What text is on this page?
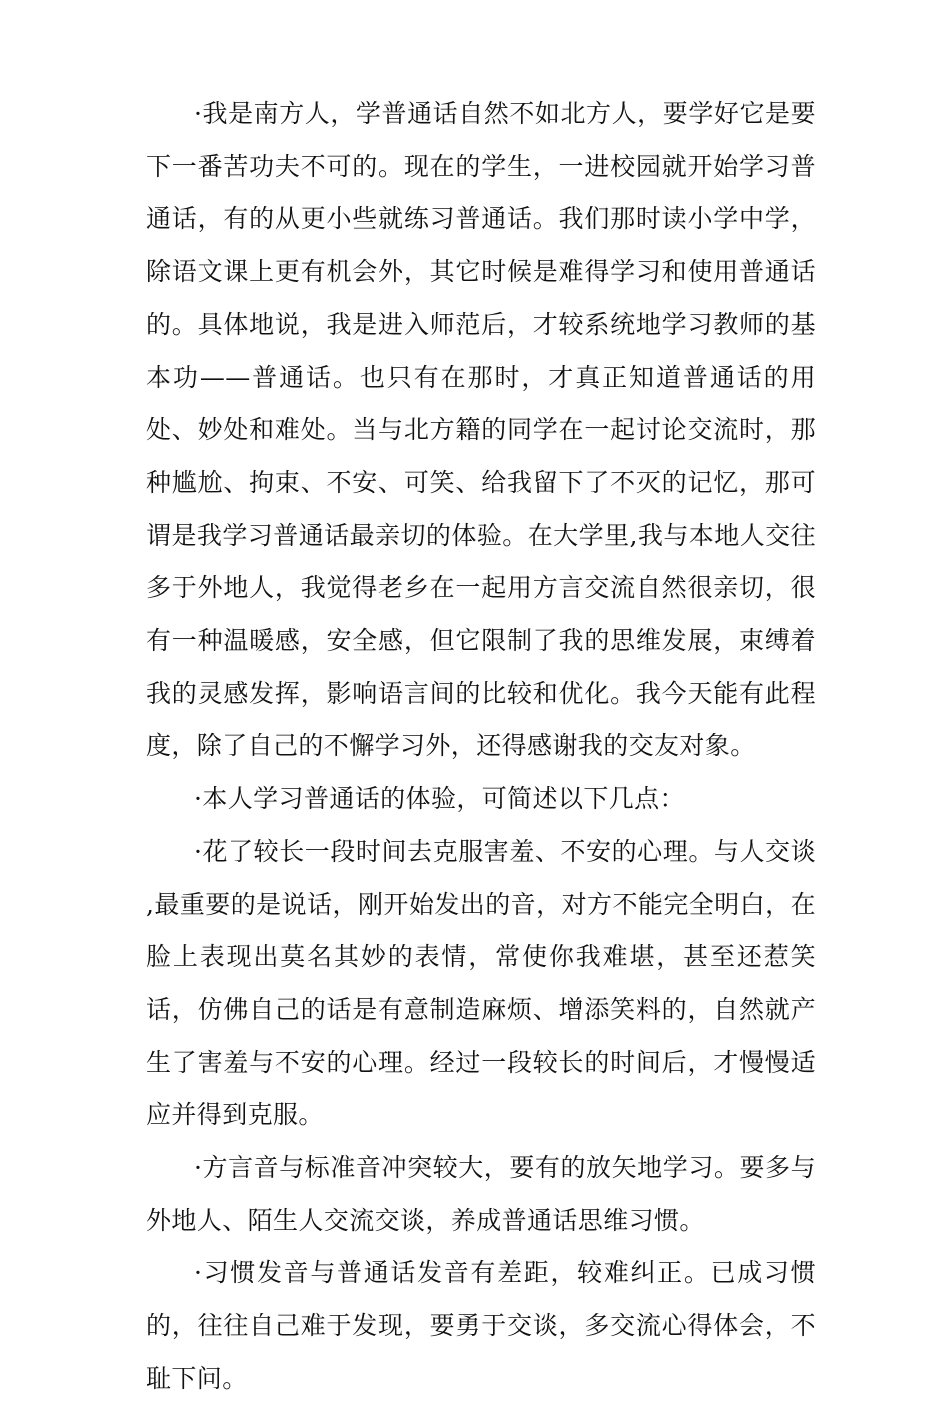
·我是南方人，学普通话自然不如北方人，要学好它是要下一番苦功夫不可的。现在的学生，一进校园就开始学习普通话，有的从更小些就练习普通话。我们那时读小学中学，除语文课上更有机会外，其它时候是难得学习和使用普通话的。具体地说，我是进入师范后，才较系统地学习教师的基本功——普通话。也只有在那时，才真正知道普通话的用处、妙处和难处。当与北方籍的同学在一起讨论交流时，那种尴尬、拘束、不安、可笑、给我留下了不灭的记忆，那可谓是我学习普通话最亲切的体验。在大学里,我与本地人交往多于外地人，我觉得老乡在一起用方言交流自然很亲切，很有一种温暖感，安全感，但它限制了我的思维发展，束缚着我的灵感发挥，影响语言间的比较和优化。我今天能有此程度，除了自己的不懈学习外，还得感谢我的交友对象。

·本人学习普通话的体验，可简述以下几点：

·花了较长一段时间去克服害羞、不安的心理。与人交谈 ,最重要的是说话，刚开始发出的音，对方不能完全明白，在脸上表现出莫名其妙的表情，常使你我难堪，甚至还惹笑话，仿佛自己的话是有意制造麻烦、增添笑料的，自然就产生了害羞与不安的心理。经过一段较长的时间后，才慢慢适应并得到克服。

·方言音与标准音冲突较大，要有的放矢地学习。要多与外地人、陌生人交流交谈，养成普通话思维习惯。

·习惯发音与普通话发音有差距，较难纠正。已成习惯的，往往自己难于发现，要勇于交谈，多交流心得体会，不耻下问。
